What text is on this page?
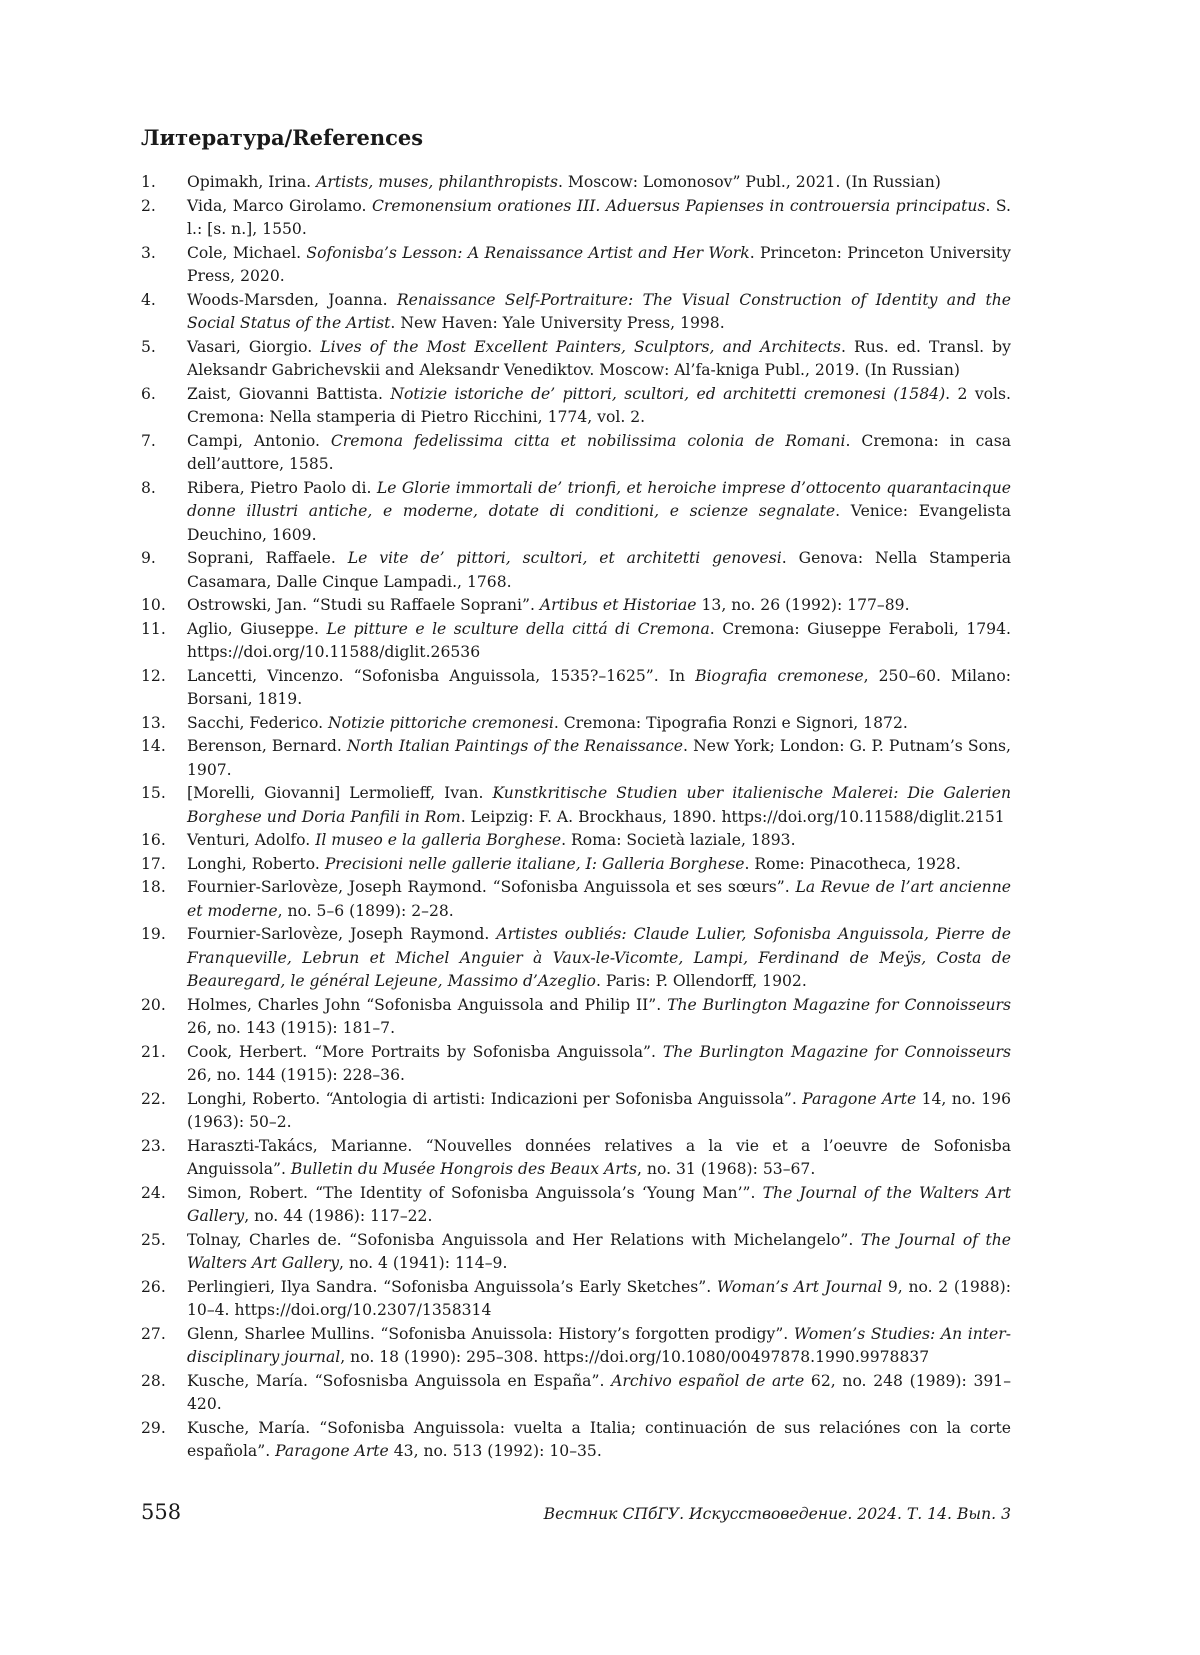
Литература/References
1.	Opimakh, Irina. Artists, muses, philanthropists. Moscow: Lomonosov” Publ., 2021. (In Russian)
2.	Vida, Marco Girolamo. Cremonensium orationes III. Aduersus Papienses in controuersia principatus. S. l.: [s. n.], 1550.
3.	Cole, Michael. Sofonisba’s Lesson: A Renaissance Artist and Her Work. Princeton: Princeton University Press, 2020.
4.	Woods-Marsden, Joanna. Renaissance Self-Portraiture: The Visual Construction of Identity and the Social Status of the Artist. New Haven: Yale University Press, 1998.
5.	Vasari, Giorgio. Lives of the Most Excellent Painters, Sculptors, and Architects. Rus. ed. Transl. by Aleksandr Gabrichevskii and Aleksandr Venediktov. Moscow: Al’fa-kniga Publ., 2019. (In Russian)
6.	Zaist, Giovanni Battista. Notizie istoriche de’ pittori, scultori, ed architetti cremonesi (1584). 2 vols. Cremona: Nella stamperia di Pietro Ricchini, 1774, vol. 2.
7.	Campi, Antonio. Cremona fedelissima citta et nobilissima colonia de Romani. Cremona: in casa dell’auttore, 1585.
8.	Ribera, Pietro Paolo di. Le Glorie immortali de’ trionfi, et heroiche imprese d’ottocento quarantacinque donne illustri antiche, e moderne, dotate di conditioni, e scienze segnalate. Venice: Evangelista Deuchino, 1609.
9.	Soprani, Raffaele. Le vite de’ pittori, scultori, et architetti genovesi. Genova: Nella Stamperia Casamara, Dalle Cinque Lampadi., 1768.
10.	Ostrowski, Jan. “Studi su Raffaele Soprani”. Artibus et Historiae 13, no. 26 (1992): 177–89.
11.	Aglio, Giuseppe. Le pitture e le sculture della cittá di Cremona. Cremona: Giuseppe Feraboli, 1794. https://doi.org/10.11588/diglit.26536
12.	Lancetti, Vincenzo. “Sofonisba Anguissola, 1535?–1625”. In Biografia cremonese, 250–60. Milano: Borsani, 1819.
13.	Sacchi, Federico. Notizie pittoriche cremonesi. Cremona: Tipografia Ronzi e Signori, 1872.
14.	Berenson, Bernard. North Italian Paintings of the Renaissance. New York; London: G. P. Putnam’s Sons, 1907.
15.	[Morelli, Giovanni] Lermolieff, Ivan. Kunstkritische Studien uber italienische Malerei: Die Galerien Borghese und Doria Panfili in Rom. Leipzig: F. A. Brockhaus, 1890. https://doi.org/10.11588/diglit.2151
16.	Venturi, Adolfo. Il museo e la galleria Borghese. Roma: Società laziale, 1893.
17.	Longhi, Roberto. Precisioni nelle gallerie italiane, I: Galleria Borghese. Rome: Pinacotheca, 1928.
18.	Fournier-Sarlovèze, Joseph Raymond. “Sofonisba Anguissola et ses sœurs”. La Revue de l’art ancienne et moderne, no. 5–6 (1899): 2–28.
19.	Fournier-Sarlovèze, Joseph Raymond. Artistes oubliés: Claude Lulier, Sofonisba Anguissola, Pierre de Franqueville, Lebrun et Michel Anguier à Vaux-le-Vicomte, Lampi, Ferdinand de Meÿs, Costa de Beauregard, le général Lejeune, Massimo d’Azeglio. Paris: P. Ollendorff, 1902.
20.	Holmes, Charles John “Sofonisba Anguissola and Philip II”. The Burlington Magazine for Connoisseurs 26, no. 143 (1915): 181–7.
21.	Cook, Herbert. “More Portraits by Sofonisba Anguissola”. The Burlington Magazine for Connoisseurs 26, no. 144 (1915): 228–36.
22.	Longhi, Roberto. “Antologia di artisti: Indicazioni per Sofonisba Anguissola”. Paragone Arte 14, no. 196 (1963): 50–2.
23.	Haraszti-Takács, Marianne. “Nouvelles données relatives a la vie et a l’oeuvre de Sofonisba Anguissola”. Bulletin du Musée Hongrois des Beaux Arts, no. 31 (1968): 53–67.
24.	Simon, Robert. “The Identity of Sofonisba Anguissola’s ‘Young Man’”. The Journal of the Walters Art Gallery, no. 44 (1986): 117–22.
25.	Tolnay, Charles de. “Sofonisba Anguissola and Her Relations with Michelangelo”. The Journal of the Walters Art Gallery, no. 4 (1941): 114–9.
26.	Perlingieri, Ilya Sandra. “Sofonisba Anguissola’s Early Sketches”. Woman’s Art Journal 9, no. 2 (1988): 10–4. https://doi.org/10.2307/1358314
27.	Glenn, Sharlee Mullins. “Sofonisba Anuissola: History’s forgotten prodigy”. Women’s Studies: An inter-disciplinary journal, no. 18 (1990): 295–308. https://doi.org/10.1080/00497878.1990.9978837
28.	Kusche, María. “Sofosnisba Anguissola en España”. Archivo español de arte 62, no. 248 (1989): 391–420.
29.	Kusche, María. “Sofonisba Anguissola: vuelta a Italia; continuación de sus relaciónes con la corte española”. Paragone Arte 43, no. 513 (1992): 10–35.
558	Вестник СПбГУ. Искусствоведение. 2024. Т. 14. Вып. 3
